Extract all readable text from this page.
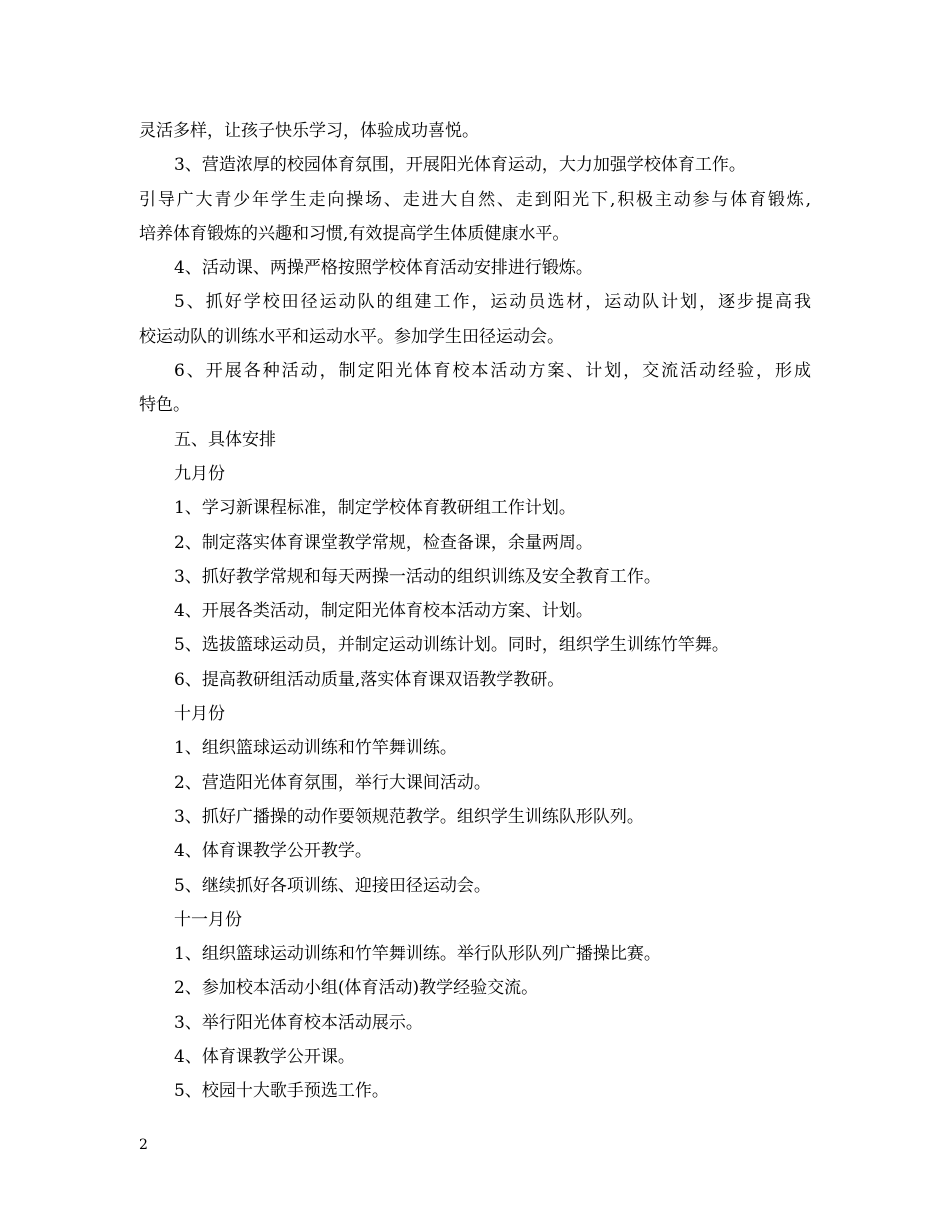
灵活多样，让孩子快乐学习，体验成功喜悦。
3、营造浓厚的校园体育氛围，开展阳光体育运动，大力加强学校体育工作。
引导广大青少年学生走向操场、走进大自然、走到阳光下,积极主动参与体育锻炼,
培养体育锻炼的兴趣和习惯,有效提高学生体质健康水平。
4、活动课、两操严格按照学校体育活动安排进行锻炼。
5、抓好学校田径运动队的组建工作，运动员选材，运动队计划，逐步提高我
校运动队的训练水平和运动水平。参加学生田径运动会。
6、开展各种活动，制定阳光体育校本活动方案、计划，交流活动经验，形成
特色。
五、具体安排
九月份
1、学习新课程标准，制定学校体育教研组工作计划。
2、制定落实体育课堂教学常规，检查备课，余量两周。
3、抓好教学常规和每天两操一活动的组织训练及安全教育工作。
4、开展各类活动，制定阳光体育校本活动方案、计划。
5、选拔篮球运动员，并制定运动训练计划。同时，组织学生训练竹竿舞。
6、提高教研组活动质量,落实体育课双语教学教研。
十月份
1、组织篮球运动训练和竹竿舞训练。
2、营造阳光体育氛围，举行大课间活动。
3、抓好广播操的动作要领规范教学。组织学生训练队形队列。
4、体育课教学公开教学。
5、继续抓好各项训练、迎接田径运动会。
十一月份
1、组织篮球运动训练和竹竿舞训练。举行队形队列广播操比赛。
2、参加校本活动小组(体育活动)教学经验交流。
3、举行阳光体育校本活动展示。
4、体育课教学公开课。
5、校园十大歌手预选工作。
2
